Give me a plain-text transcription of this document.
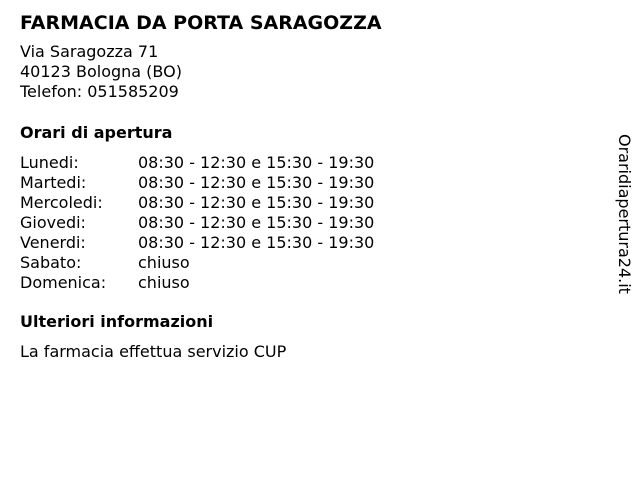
FARMACIA DA PORTA SARAGOZZA
Via Saragozza 71
40123 Bologna (BO)
Telefon: 051585209
Orari di apertura
Lunedi:	08:30 - 12:30 e 15:30 - 19:30
Martedi:	08:30 - 12:30 e 15:30 - 19:30
Mercoledi:	08:30 - 12:30 e 15:30 - 19:30
Giovedi:	08:30 - 12:30 e 15:30 - 19:30
Venerdi:	08:30 - 12:30 e 15:30 - 19:30
Sabato:	chiuso
Domenica:	chiuso
Ulteriori informazioni
La farmacia effettua servizio CUP
Oraridiapertura24.it
